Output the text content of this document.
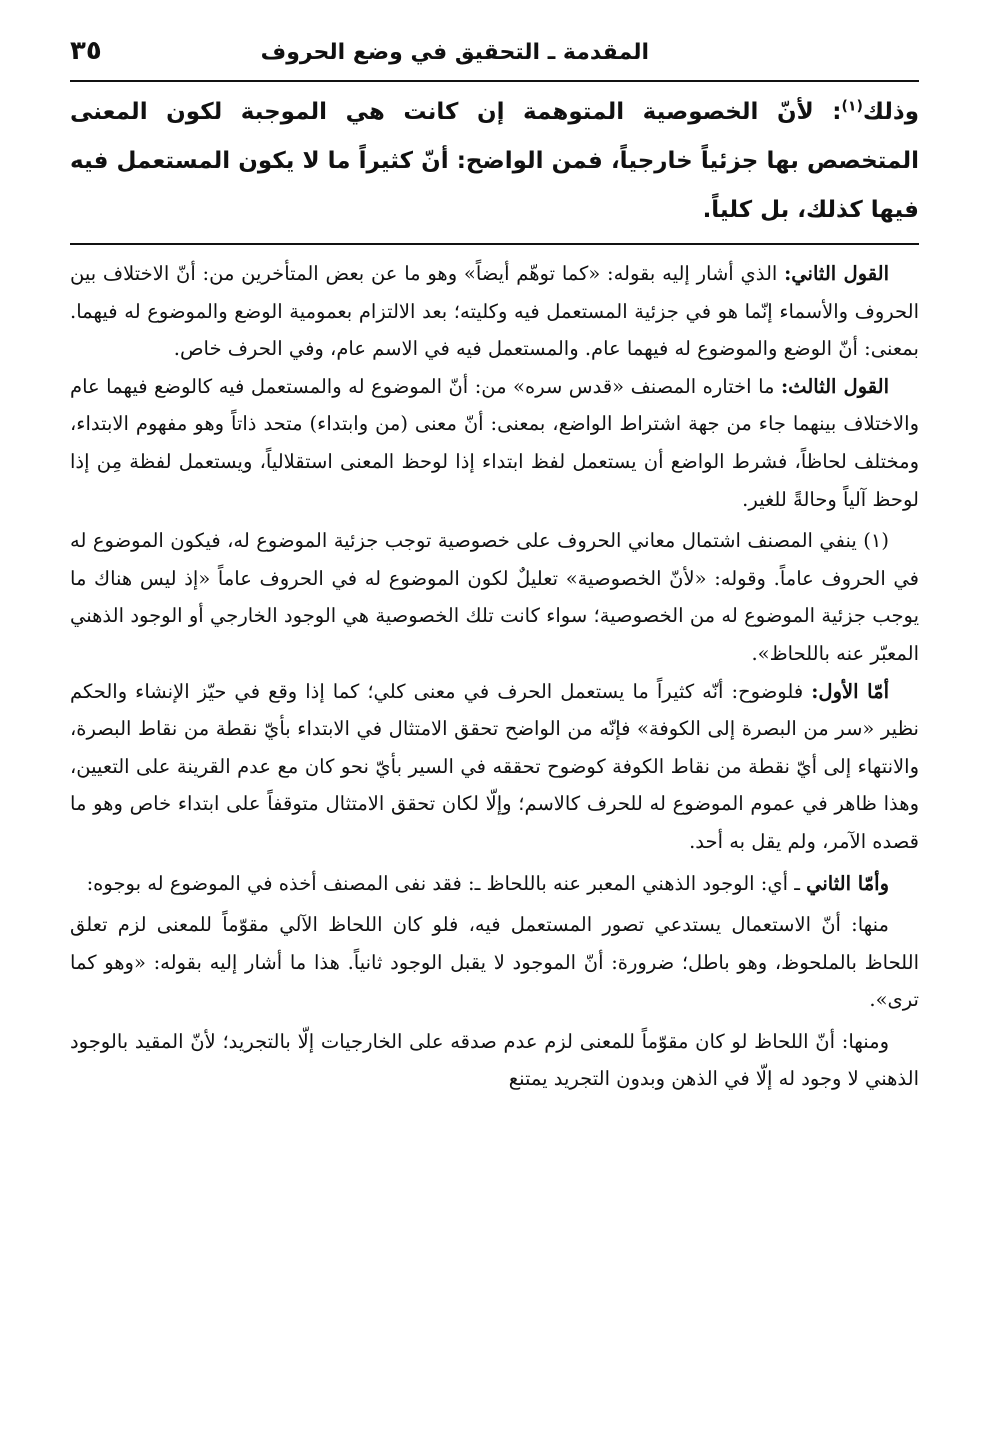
المقدمة ـ التحقيق في وضع الحروف
٣٥
وذلك$^{(١)}$: لأنّ الخصوصية المتوهمة إن كانت هي الموجبة لكون المعنى المتخصص بها جزئياً خارجياً، فمن الواضح: أنّ كثيراً ما لا يكون المستعمل فيه فيها كذلك، بل كلياً.

القول الثاني: الذي أشار إليه بقوله: «كما توهّم أيضاً» وهو ما عن بعض المتأخرين من: أنّ الاختلاف بين الحروف والأسماء إنّما هو في جزئية المستعمل فيه وكليته؛ بعد الالتزام بعمومية الوضع والموضوع له فيهما. بمعنى: أنّ الوضع والموضوع له فيهما عام. والمستعمل فيه في الاسم عام، وفي الحرف خاص.

القول الثالث: ما اختاره المصنف «قدس سره» من: أنّ الموضوع له والمستعمل فيه كالوضع فيهما عام والاختلاف بينهما جاء من جهة اشتراط الواضع، بمعنى: أنّ معنى (من وابتداء) متحد ذاتاً وهو مفهوم الابتداء، ومختلف لحاظاً، فشرط الواضع أن يستعمل لفظ ابتداء إذا لوحظ المعنى استقلالياً، ويستعمل لفظة مِن إذا لوحظ آلياً وحالةً للغير.

(١) ينفي المصنف اشتمال معاني الحروف على خصوصية توجب جزئية الموضوع له، فيكون الموضوع له في الحروف عاماً. وقوله: «لأنّ الخصوصية» تعليلٌ لكون الموضوع له في الحروف عاماً «إذ ليس هناك ما يوجب جزئية الموضوع له من الخصوصية؛ سواء كانت تلك الخصوصية هي الوجود الخارجي أو الوجود الذهني المعبّر عنه باللحاظ».

أمّا الأول: فلوضوح: أنّه كثيراً ما يستعمل الحرف في معنى كلي؛ كما إذا وقع في حيّز الإنشاء والحكم نظير «سر من البصرة إلى الكوفة» فإنّه من الواضح تحقق الامتثال في الابتداء بأيّ نقطة من نقاط البصرة، والانتهاء إلى أيّ نقطة من نقاط الكوفة كوضوح تحققه في السير بأيّ نحو كان مع عدم القرينة على التعيين، وهذا ظاهر في عموم الموضوع له للحرف كالاسم؛ وإلّا لكان تحقق الامتثال متوقفاً على ابتداء خاص وهو ما قصده الآمر، ولم يقل به أحد.

وأمّا الثاني ـ أي: الوجود الذهني المعبر عنه باللحاظ ـ: فقد نفى المصنف أخذه في الموضوع له بوجوه:

منها: أنّ الاستعمال يستدعي تصور المستعمل فيه، فلو كان اللحاظ الآلي مقوّماً للمعنى لزم تعلق اللحاظ بالملحوظ، وهو باطل؛ ضرورة: أنّ الموجود لا يقبل الوجود ثانياً. هذا ما أشار إليه بقوله: «وهو كما ترى».

ومنها: أنّ اللحاظ لو كان مقوّماً للمعنى لزم عدم صدقه على الخارجيات إلّا بالتجريد؛ لأنّ المقيد بالوجود الذهني لا وجود له إلّا في الذهن وبدون التجريد يمتنع
